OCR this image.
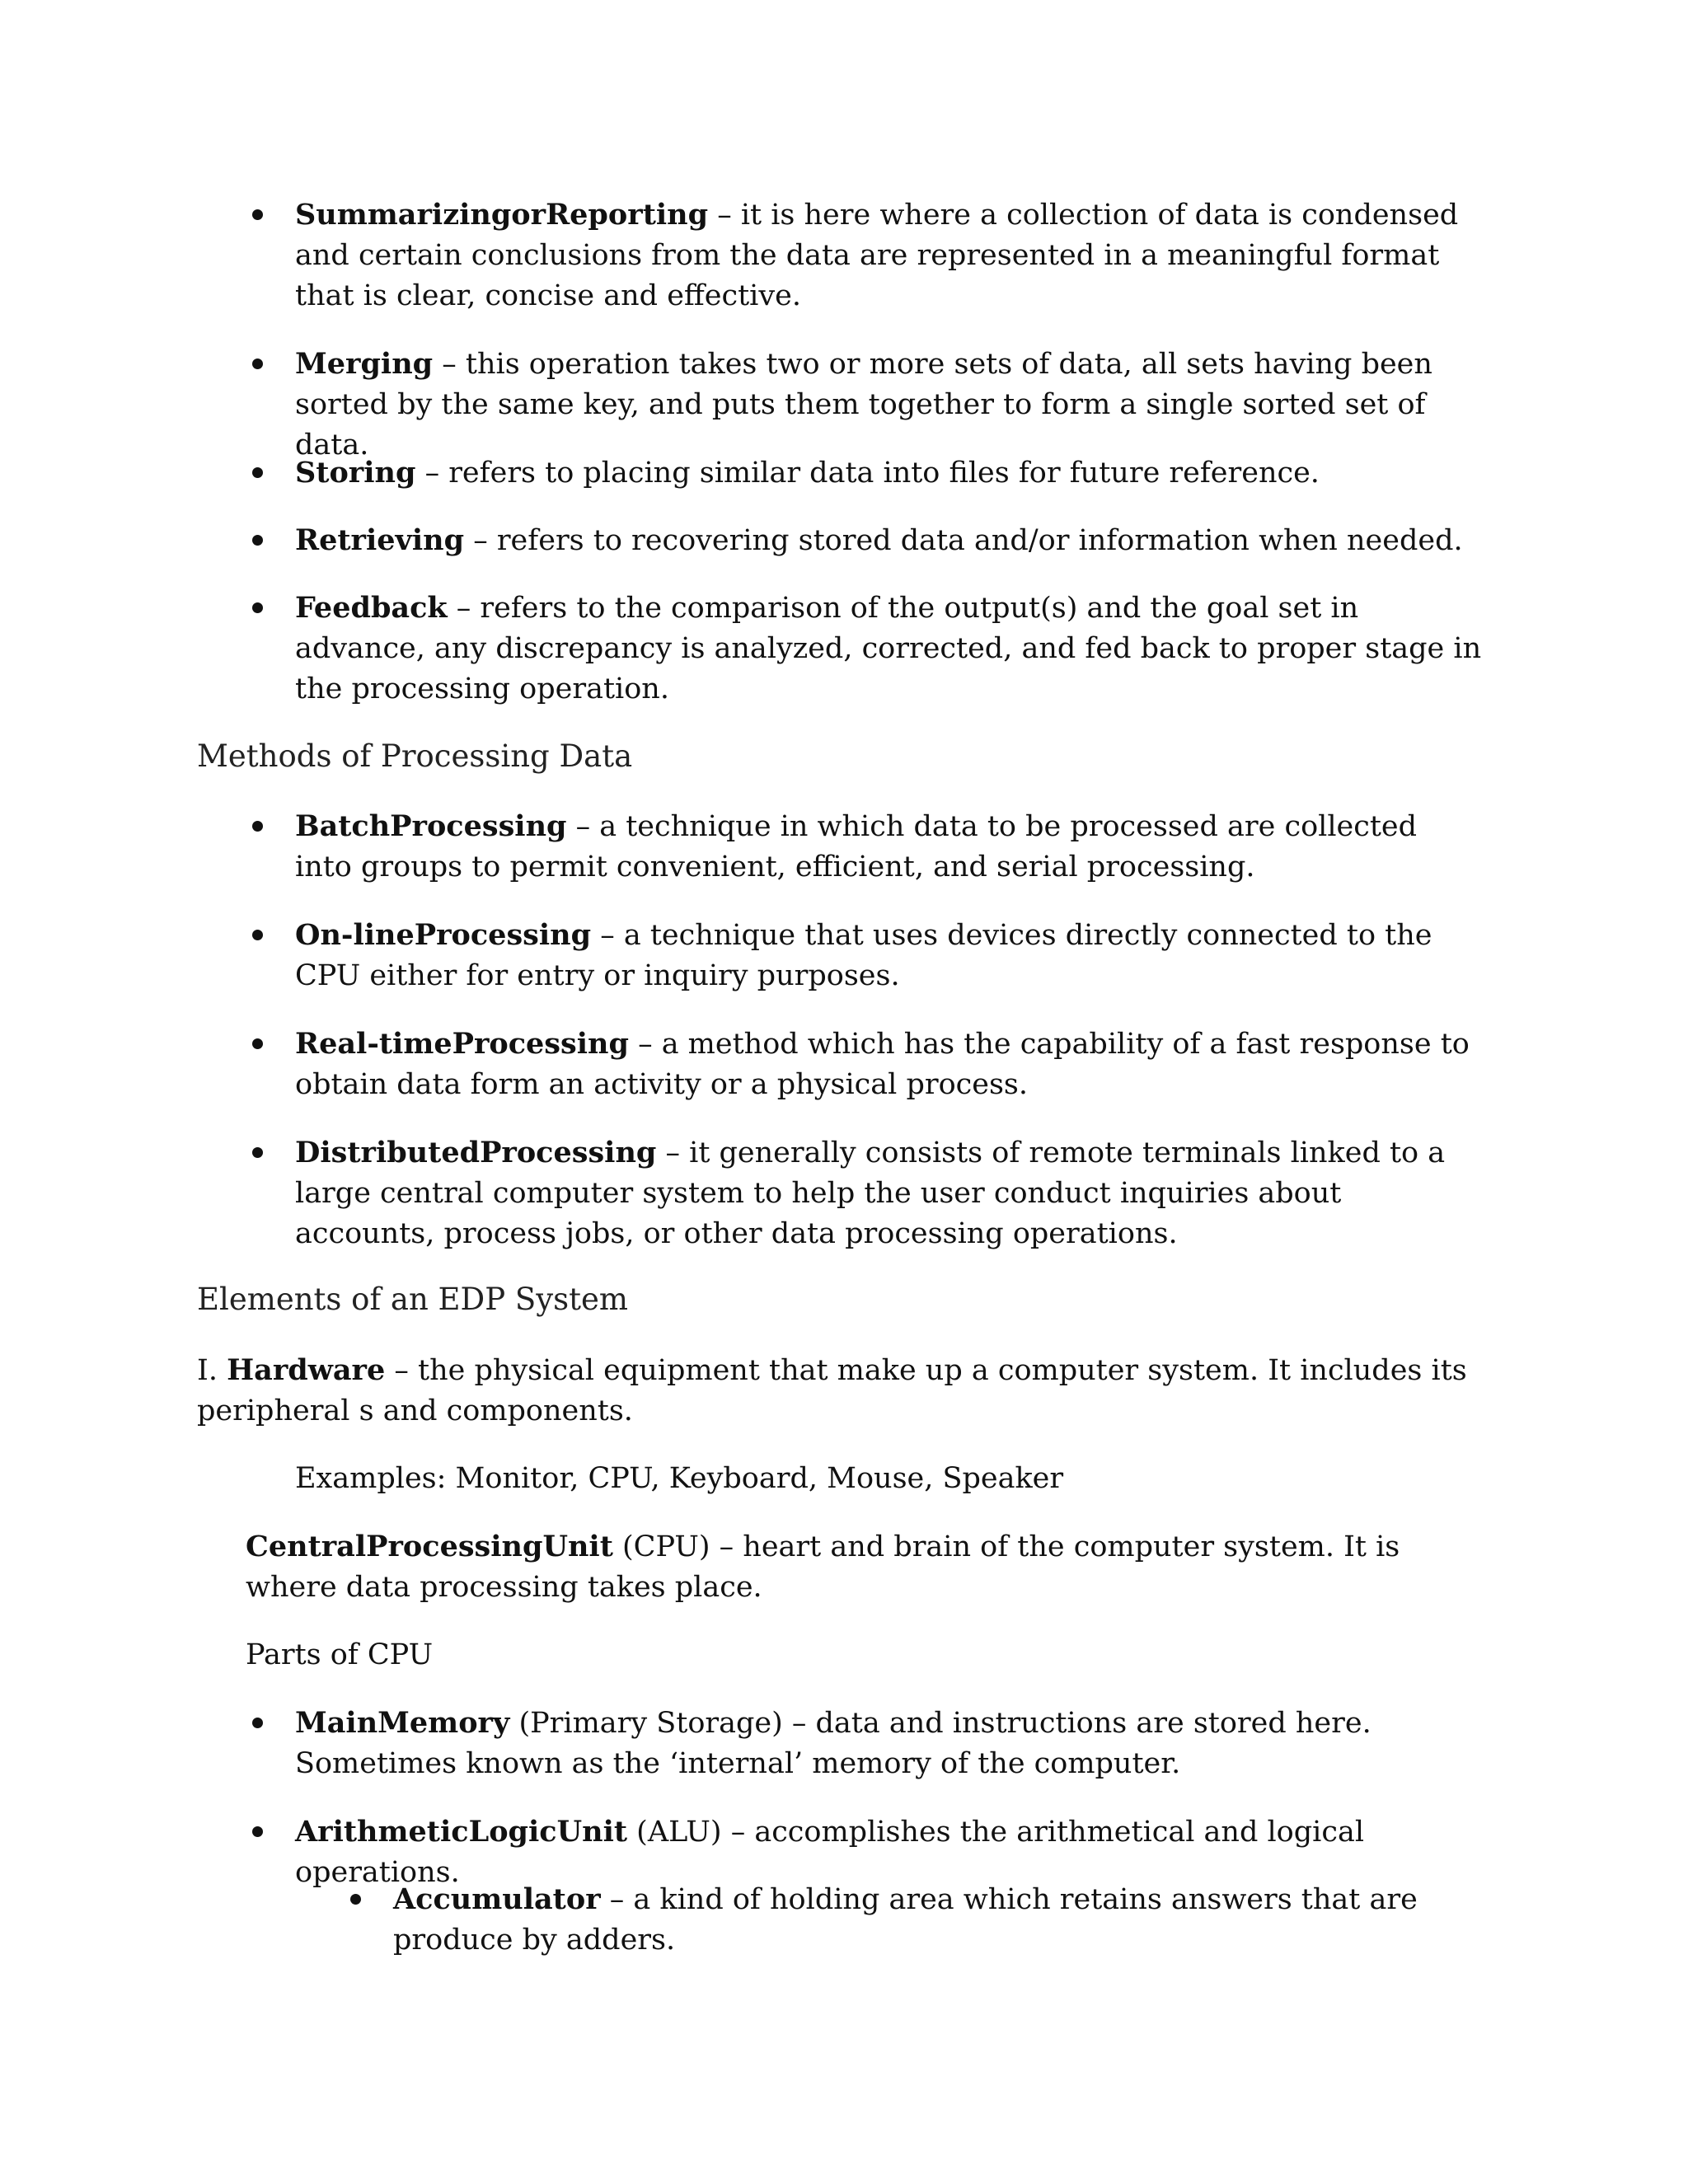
SummarizingorReporting – it is here where a collection of data is condensed and certain conclusions from the data are represented in a meaningful format that is clear, concise and effective.
Merging – this operation takes two or more sets of data, all sets having been sorted by the same key, and puts them together to form a single sorted set of data.
Storing – refers to placing similar data into files for future reference.
Retrieving – refers to recovering stored data and/or information when needed.
Feedback – refers to the comparison of the output(s) and the goal set in advance, any discrepancy is analyzed, corrected, and fed back to proper stage in the processing operation.
Methods of Processing Data
BatchProcessing – a technique in which data to be processed are collected into groups to permit convenient, efficient, and serial processing.
On-lineProcessing – a technique that uses devices directly connected to the CPU either for entry or inquiry purposes.
Real-timeProcessing – a method which has the capability of a fast response to obtain data form an activity or a physical process.
DistributedProcessing – it generally consists of remote terminals linked to a large central computer system to help the user conduct inquiries about accounts, process jobs, or other data processing operations.
Elements of an EDP System
I. Hardware – the physical equipment that make up a computer system. It includes its peripheral s and components.
Examples: Monitor, CPU, Keyboard, Mouse, Speaker
CentralProcessingUnit (CPU) – heart and brain of the computer system. It is where data processing takes place.
Parts of CPU
MainMemory (Primary Storage) – data and instructions are stored here. Sometimes known as the ‘internal’ memory of the computer.
ArithmeticLogicUnit (ALU) – accomplishes the arithmetical and logical operations.
Accumulator – a kind of holding area which retains answers that are produce by adders.
